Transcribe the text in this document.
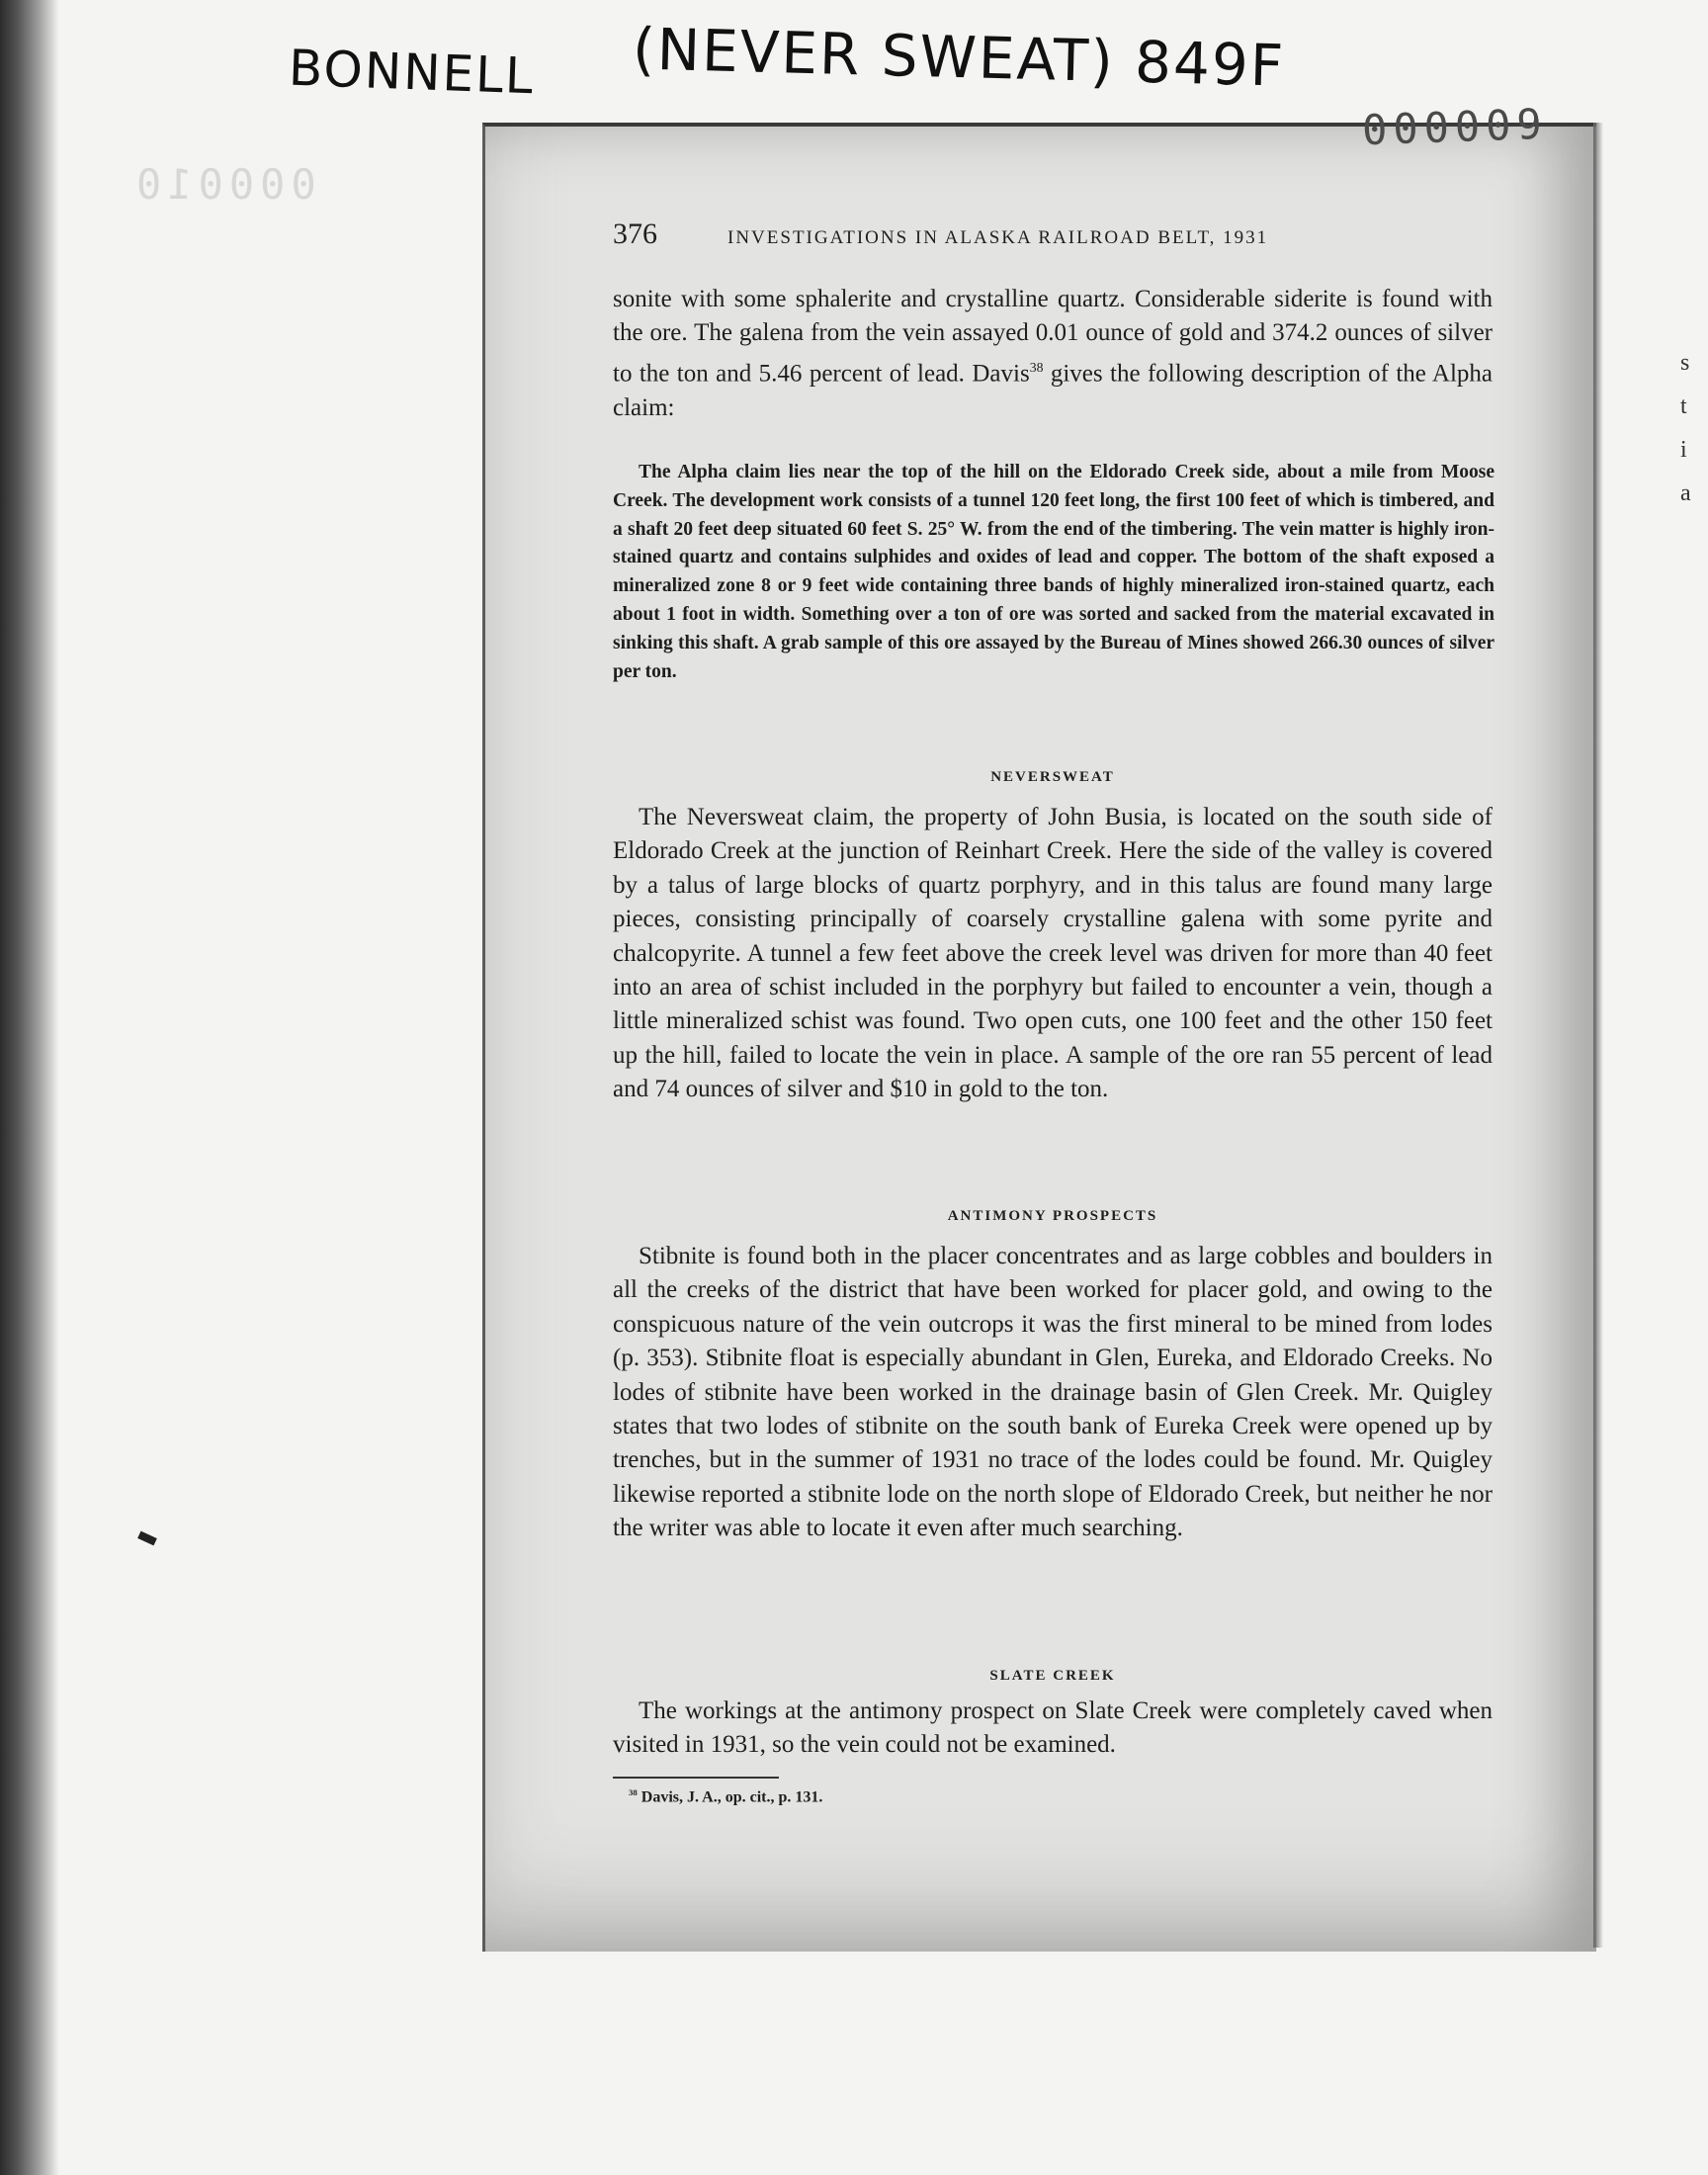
BONNELL (NEVER SWEAT) 849F
000010
000009
s
t
i
a
376	INVESTIGATIONS IN ALASKA RAILROAD BELT, 1931
sonite with some sphalerite and crystalline quartz. Considerable siderite is found with the ore. The galena from the vein assayed 0.01 ounce of gold and 374.2 ounces of silver to the ton and 5.46 percent of lead. Davis$^{38}$ gives the following description of the Alpha claim:
The Alpha claim lies near the top of the hill on the Eldorado Creek side, about a mile from Moose Creek. The development work consists of a tunnel 120 feet long, the first 100 feet of which is timbered, and a shaft 20 feet deep situated 60 feet S. 25° W. from the end of the timbering. The vein matter is highly iron-stained quartz and contains sulphides and oxides of lead and copper. The bottom of the shaft exposed a mineralized zone 8 or 9 feet wide containing three bands of highly mineralized iron-stained quartz, each about 1 foot in width. Something over a ton of ore was sorted and sacked from the material excavated in sinking this shaft. A grab sample of this ore assayed by the Bureau of Mines showed 266.30 ounces of silver per ton.
NEVERSWEAT
The Neversweat claim, the property of John Busia, is located on the south side of Eldorado Creek at the junction of Reinhart Creek. Here the side of the valley is covered by a talus of large blocks of quartz porphyry, and in this talus are found many large pieces, consisting principally of coarsely crystalline galena with some pyrite and chalcopyrite. A tunnel a few feet above the creek level was driven for more than 40 feet into an area of schist included in the porphyry but failed to encounter a vein, though a little mineralized schist was found. Two open cuts, one 100 feet and the other 150 feet up the hill, failed to locate the vein in place. A sample of the ore ran 55 percent of lead and 74 ounces of silver and $10 in gold to the ton.
ANTIMONY PROSPECTS
Stibnite is found both in the placer concentrates and as large cobbles and boulders in all the creeks of the district that have been worked for placer gold, and owing to the conspicuous nature of the vein outcrops it was the first mineral to be mined from lodes (p. 353). Stibnite float is especially abundant in Glen, Eureka, and Eldorado Creeks. No lodes of stibnite have been worked in the drainage basin of Glen Creek. Mr. Quigley states that two lodes of stibnite on the south bank of Eureka Creek were opened up by trenches, but in the summer of 1931 no trace of the lodes could be found. Mr. Quigley likewise reported a stibnite lode on the north slope of Eldorado Creek, but neither he nor the writer was able to locate it even after much searching.
SLATE CREEK
The workings at the antimony prospect on Slate Creek were completely caved when visited in 1931, so the vein could not be examined.
$^{38}$ Davis, J. A., op. cit., p. 131.
